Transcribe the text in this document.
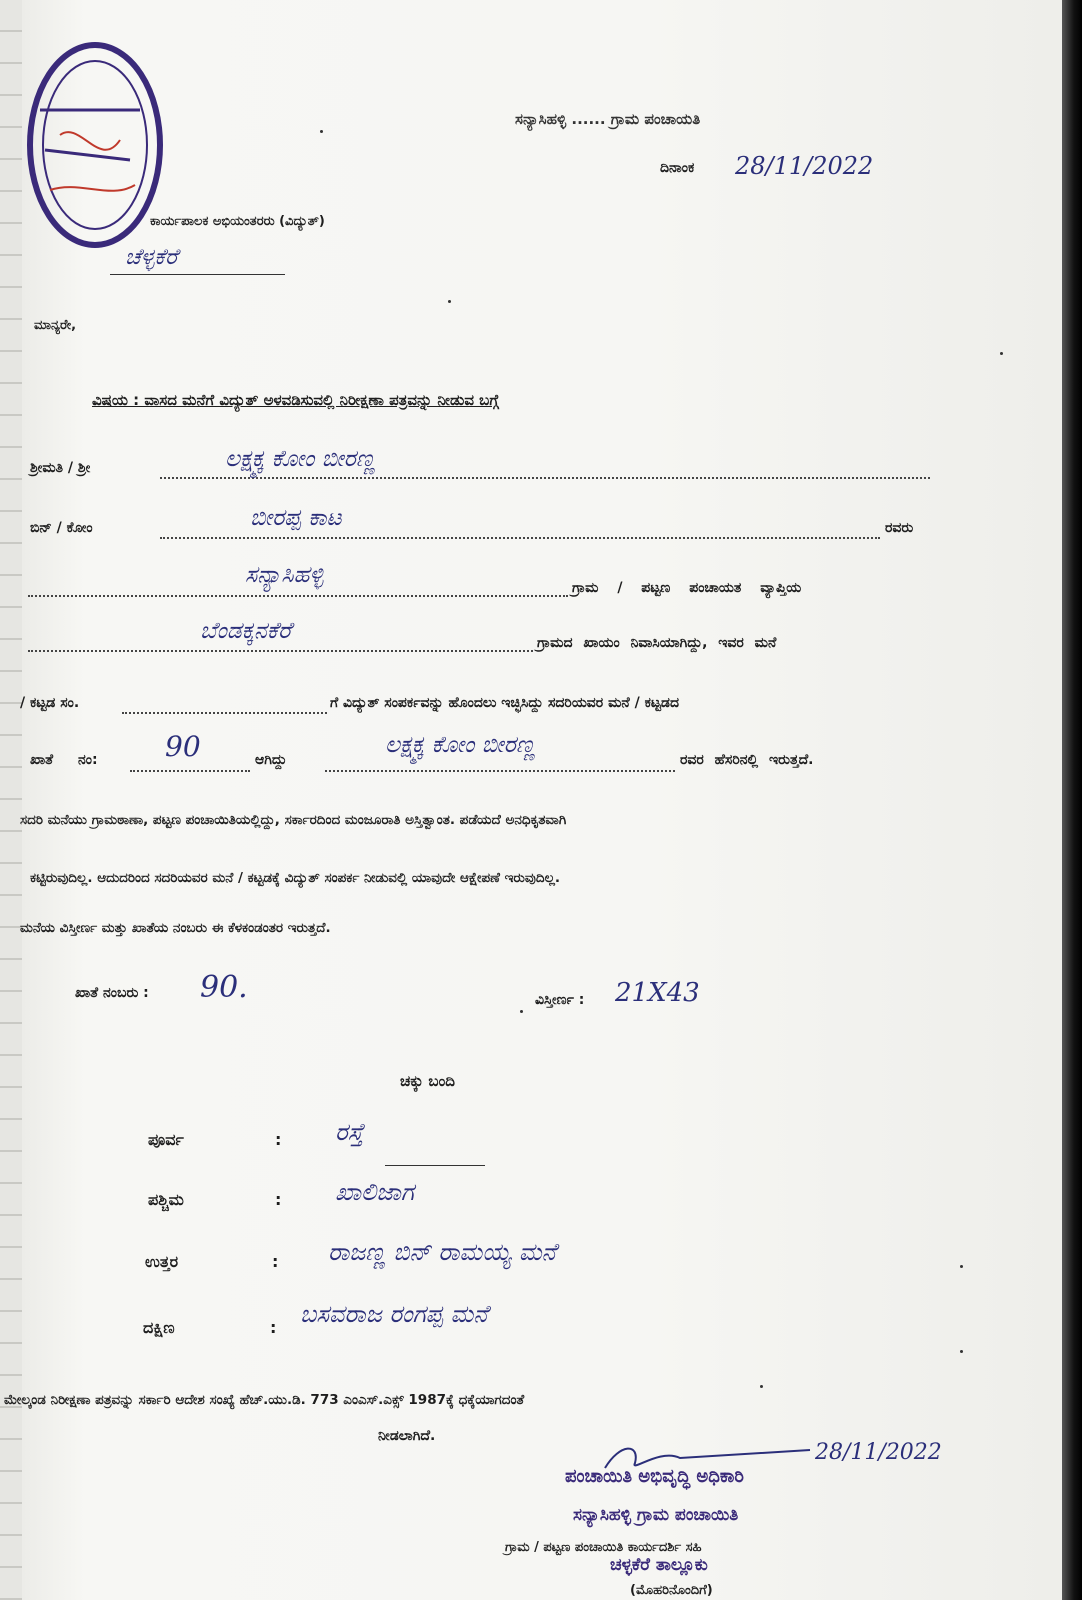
ಸನ್ಯಾಸಿಹಳ್ಳಿ ...... ಗ್ರಾಮ ಪಂಚಾಯತಿ
ದಿನಾಂಕ 28/11/2022
ಕಾರ್ಯಪಾಲಕ ಅಭಿಯಂತರರು (ವಿದ್ಯುತ್)
ಚೆಳ್ಳಕೆರೆ
ಮಾನ್ಯರೇ,
ವಿಷಯ : ವಾಸದ ಮನೆಗೆ ವಿದ್ಯುತ್ ಅಳವಡಿಸುವಲ್ಲಿ ನಿರೀಕ್ಷಣಾ ಪತ್ರವನ್ನು ನೀಡುವ ಬಗ್ಗೆ
ಶ್ರೀಮತಿ / ಶ್ರೀ	ಲಕ್ಷ್ಮಕ್ಕ ಕೋಂ ಬೀರಣ್ಣ
ಬಿನ್ / ಕೋಂ	ಬೀರಪ್ಪ ಕಾಟ	ರವರು
ಸನ್ಯಾಸಿಹಳ್ಳಿ	ಗ್ರಾಮ / ಪಟ್ಟಣ ಪಂಚಾಯತ ವ್ಯಾಪ್ತಿಯ
ಬೆಂಡಕ್ಕನಕೆರೆ	ಗ್ರಾಮದ ಖಾಯಂ ನಿವಾಸಿಯಾಗಿದ್ದು, ಇವರ ಮನೆ
/ ಕಟ್ಟಡ ಸಂ.	ಗೆ ವಿದ್ಯುತ್ ಸಂಪರ್ಕವನ್ನು ಹೊಂದಲು ಇಚ್ಛಿಸಿದ್ದು ಸದರಿಯವರ ಮನೆ / ಕಟ್ಟಡದ
ಖಾತೆ ನಂ: 90	ಆಗಿದ್ದು
ಲಕ್ಷ್ಮಕ್ಕ ಕೋಂ ಬೀರಣ್ಣ
ರವರ ಹೆಸರಿನಲ್ಲಿ ಇರುತ್ತದೆ.
ಸದರಿ ಮನೆಯು ಗ್ರಾಮಠಾಣಾ, ಪಟ್ಟಣ ಪಂಚಾಯಿತಿಯಲ್ಲಿದ್ದು, ಸರ್ಕಾರದಿಂದ ಮಂಜೂರಾತಿ ಅಸ್ತಿತ್ವಾಂತ. ಪಡೆಯದೆ ಅನಧಿಕೃತವಾಗಿ
ಕಟ್ಟಿರುವುದಿಲ್ಲ. ಆದುದರಿಂದ ಸದರಿಯವರ ಮನೆ / ಕಟ್ಟಡಕ್ಕೆ ವಿದ್ಯುತ್ ಸಂಪರ್ಕ ನೀಡುವಲ್ಲಿ ಯಾವುದೇ ಆಕ್ಷೇಪಣೆ ಇರುವುದಿಲ್ಲ.
ಮನೆಯ ವಿಸ್ತೀರ್ಣ ಮತ್ತು ಖಾತೆಯ ನಂಬರು ಈ ಕೆಳಕಂಡಂತರ ಇರುತ್ತದೆ.
ಖಾತೆ ನಂಬರು : 90.	ವಿಸ್ತೀರ್ಣ : 21X43
ಚಕ್ಕು ಬಂದಿ
ಪೂರ್ವ	: ರಸ್ತೆ
ಪಶ್ಚಿಮ	: ಖಾಲಿಜಾಗ
ಉತ್ತರ	: ರಾಜಣ್ಣ ಬಿನ್ ರಾಮಯ್ಯ ಮನೆ
ದಕ್ಷಿಣ	: ಬಸವರಾಜ ರಂಗಪ್ಪ ಮನೆ
ಮೇಲ್ಕಂಡ ನಿರೀಕ್ಷಣಾ ಪತ್ರವನ್ನು ಸರ್ಕಾರಿ ಆದೇಶ ಸಂಖ್ಯೆ ಹೆಚ್.ಯು.ಡಿ. 773 ಎಂಎಸ್.ಎಕ್ಸ್ 1987ಕ್ಕೆ ಧಕ್ಕೆಯಾಗದಂತೆ
ನೀಡಲಾಗಿದೆ.
28/11/2022
ಪಂಚಾಯಿತಿ ಅಭಿವೃದ್ಧಿ ಅಧಿಕಾರಿ
ಸನ್ಯಾಸಿಹಳ್ಳಿ ಗ್ರಾಮ ಪಂಚಾಯಿತಿ
ಗ್ರಾಮ / ಪಟ್ಟಣ ಪಂಚಾಯಿತಿ ಕಾರ್ಯದರ್ಶಿ ಸಹಿ
ಚಳ್ಳಕೆರೆ ತಾಲ್ಲೂಕು
(ಮೊಹರಿನೊಂದಿಗೆ)
